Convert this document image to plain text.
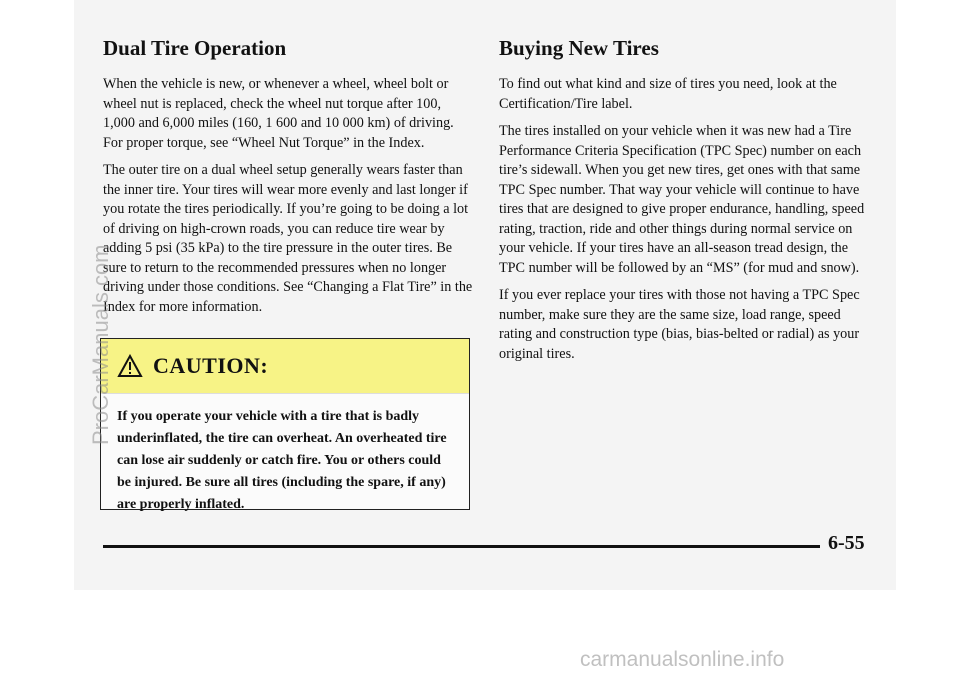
Dual Tire Operation

When the vehicle is new, or whenever a wheel, wheel bolt or wheel nut is replaced, check the wheel nut torque after 100, 1,000 and 6,000 miles (160, 1 600 and 10 000 km) of driving. For proper torque, see “Wheel Nut Torque” in the Index.

The outer tire on a dual wheel setup generally wears faster than the inner tire. Your tires will wear more evenly and last longer if you rotate the tires periodically. If you’re going to be doing a lot of driving on high-crown roads, you can reduce tire wear by adding 5 psi (35 kPa) to the tire pressure in the outer tires. Be sure to return to the recommended pressures when no longer driving under those conditions. See “Changing a Flat Tire” in the Index for more information.

CAUTION:
If you operate your vehicle with a tire that is badly underinflated, the tire can overheat. An overheated tire can lose air suddenly or catch fire. You or others could be injured. Be sure all tires (including the spare, if any) are properly inflated.
Buying New Tires

To find out what kind and size of tires you need, look at the Certification/Tire label.

The tires installed on your vehicle when it was new had a Tire Performance Criteria Specification (TPC Spec) number on each tire’s sidewall. When you get new tires, get ones with that same TPC Spec number. That way your vehicle will continue to have tires that are designed to give proper endurance, handling, speed rating, traction, ride and other things during normal service on your vehicle. If your tires have an all-season tread design, the TPC number will be followed by an “MS” (for mud and snow).

If you ever replace your tires with those not having a TPC Spec number, make sure they are the same size, load range, speed rating and construction type (bias, bias-belted or radial) as your original tires.

6-55
ProCarManuals.com
carmanualsonline.info
